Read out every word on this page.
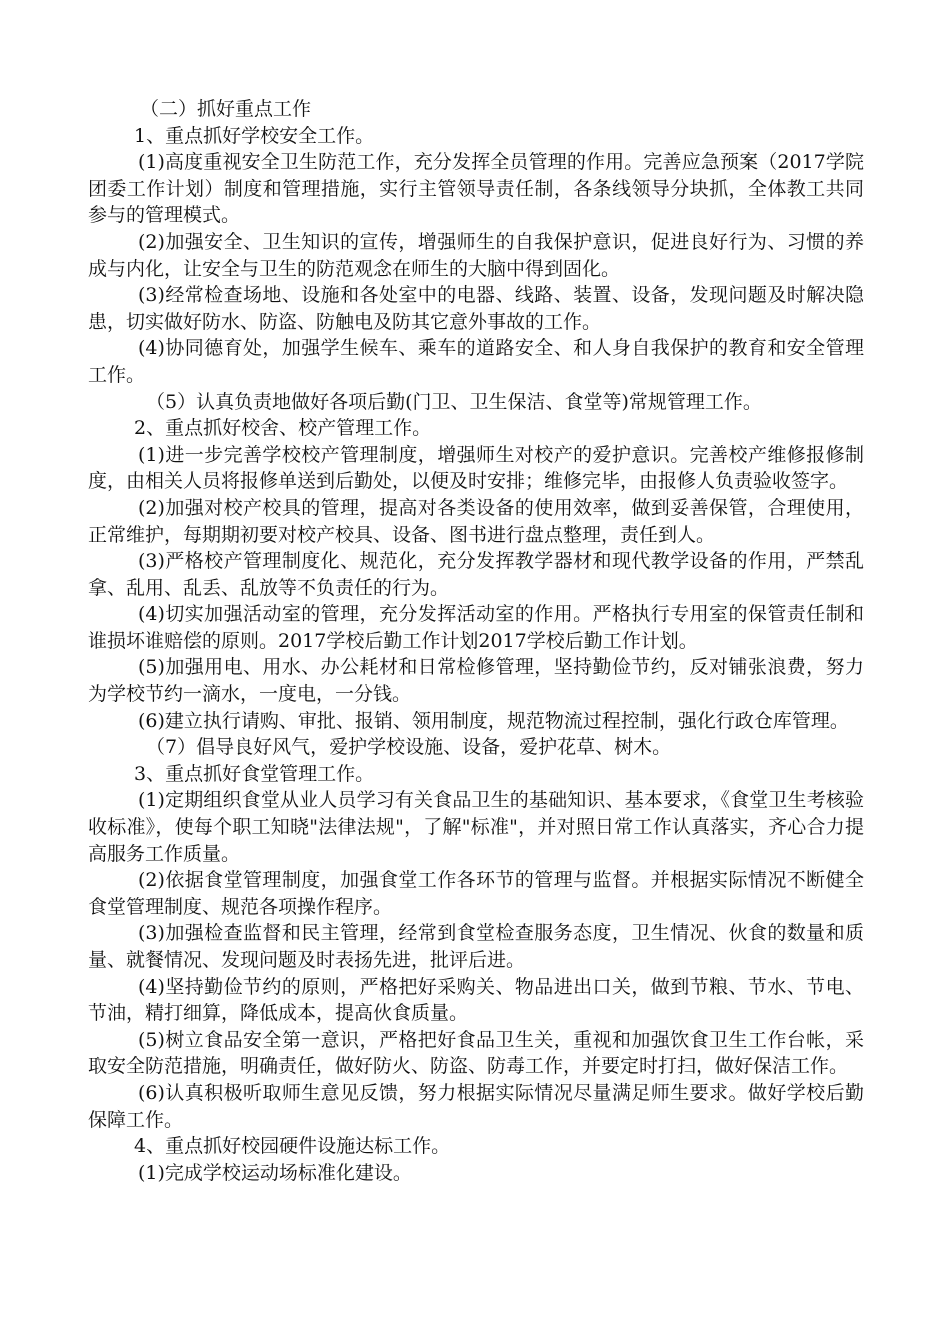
（二）抓好重点工作

1、重点抓好学校安全工作。

(1)高度重视安全卫生防范工作，充分发挥全员管理的作用。完善应急预案（2017学院团委工作计划）制度和管理措施，实行主管领导责任制，各条线领导分块抓，全体教工共同参与的管理模式。

(2)加强安全、卫生知识的宣传，增强师生的自我保护意识，促进良好行为、习惯的养成与内化，让安全与卫生的防范观念在师生的大脑中得到固化。

(3)经常检查场地、设施和各处室中的电器、线路、装置、设备，发现问题及时解决隐患，切实做好防水、防盗、防触电及防其它意外事故的工作。

(4)协同德育处，加强学生候车、乘车的道路安全、和人身自我保护的教育和安全管理工作。

（5）认真负责地做好各项后勤(门卫、卫生保洁、食堂等)常规管理工作。

2、重点抓好校舍、校产管理工作。

(1)进一步完善学校校产管理制度，增强师生对校产的爱护意识。完善校产维修报修制度，由相关人员将报修单送到后勤处，以便及时安排；维修完毕，由报修人负责验收签字。

(2)加强对校产校具的管理，提高对各类设备的使用效率，做到妥善保管，合理使用，正常维护，每期期初要对校产校具、设备、图书进行盘点整理，责任到人。

(3)严格校产管理制度化、规范化，充分发挥教学器材和现代教学设备的作用，严禁乱拿、乱用、乱丢、乱放等不负责任的行为。

(4)切实加强活动室的管理，充分发挥活动室的作用。严格执行专用室的保管责任制和谁损坏谁赔偿的原则。2017学校后勤工作计划2017学校后勤工作计划。

(5)加强用电、用水、办公耗材和日常检修管理，坚持勤俭节约，反对铺张浪费，努力为学校节约一滴水，一度电，一分钱。

(6)建立执行请购、审批、报销、领用制度，规范物流过程控制，强化行政仓库管理。

（7）倡导良好风气，爱护学校设施、设备，爱护花草、树木。

3、重点抓好食堂管理工作。

(1)定期组织食堂从业人员学习有关食品卫生的基础知识、基本要求，《食堂卫生考核验收标准》，使每个职工知晓"法律法规"，了解"标准"，并对照日常工作认真落实，齐心合力提高服务工作质量。

(2)依据食堂管理制度，加强食堂工作各环节的管理与监督。并根据实际情况不断健全食堂管理制度、规范各项操作程序。

(3)加强检查监督和民主管理，经常到食堂检查服务态度，卫生情况、伙食的数量和质量、就餐情况、发现问题及时表扬先进，批评后进。

(4)坚持勤俭节约的原则，严格把好采购关、物品进出口关，做到节粮、节水、节电、节油，精打细算，降低成本，提高伙食质量。

(5)树立食品安全第一意识，严格把好食品卫生关，重视和加强饮食卫生工作台帐，采取安全防范措施，明确责任，做好防火、防盗、防毒工作，并要定时打扫，做好保洁工作。

(6)认真积极听取师生意见反馈，努力根据实际情况尽量满足师生要求。做好学校后勤保障工作。

4、重点抓好校园硬件设施达标工作。

(1)完成学校运动场标准化建设。
